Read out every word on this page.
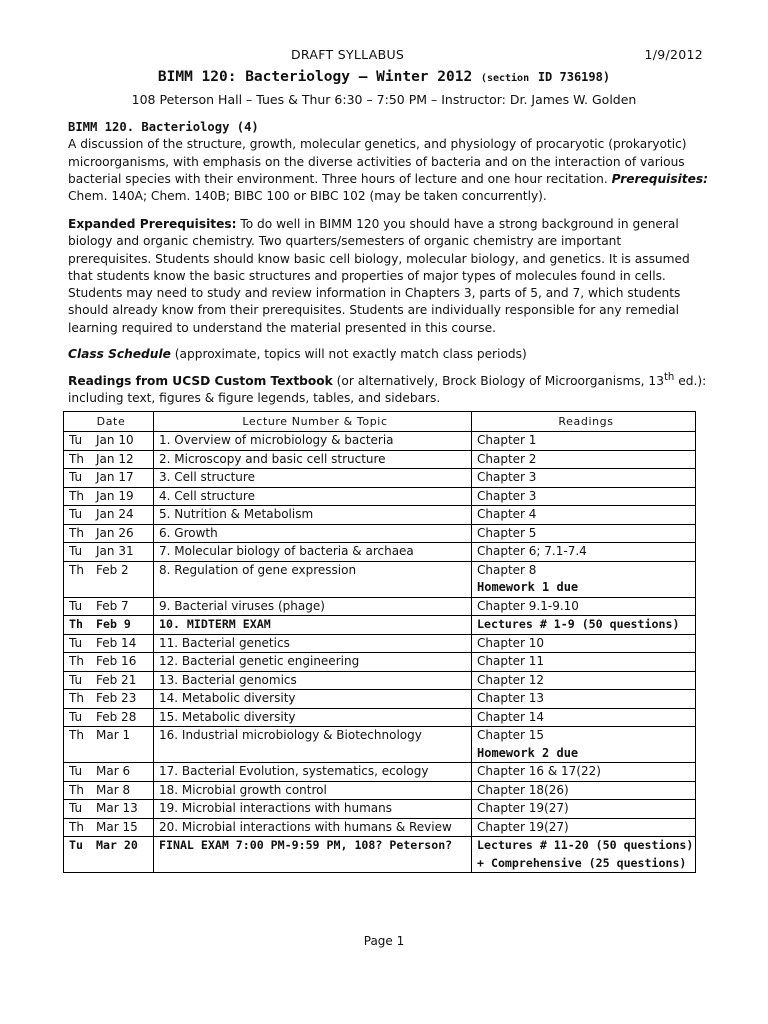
DRAFT SYLLABUS	1/9/2012
BIMM 120: Bacteriology – Winter 2012 (section ID 736198)
108 Peterson Hall – Tues & Thur 6:30 – 7:50 PM – Instructor: Dr. James W. Golden
BIMM 120. Bacteriology (4)
A discussion of the structure, growth, molecular genetics, and physiology of procaryotic (prokaryotic) microorganisms, with emphasis on the diverse activities of bacteria and on the interaction of various bacterial species with their environment. Three hours of lecture and one hour recitation. Prerequisites: Chem. 140A; Chem. 140B; BIBC 100 or BIBC 102 (may be taken concurrently).
Expanded Prerequisites: To do well in BIMM 120 you should have a strong background in general biology and organic chemistry. Two quarters/semesters of organic chemistry are important prerequisites. Students should know basic cell biology, molecular biology, and genetics. It is assumed that students know the basic structures and properties of major types of molecules found in cells. Students may need to study and review information in Chapters 3, parts of 5, and 7, which students should already know from their prerequisites. Students are individually responsible for any remedial learning required to understand the material presented in this course.
Class Schedule (approximate, topics will not exactly match class periods)
Readings from UCSD Custom Textbook (or alternatively, Brock Biology of Microorganisms, 13th ed.):
including text, figures & figure legends, tables, and sidebars.
Date		Lecture Number & Topic	Readings
Tu	Jan 10	1. Overview of microbiology & bacteria	Chapter 1
Th	Jan 12	2. Microscopy and basic cell structure	Chapter 2
Tu	Jan 17	3. Cell structure	Chapter 3
Th	Jan 19	4. Cell structure	Chapter 3
Tu	Jan 24	5. Nutrition & Metabolism	Chapter 4
Th	Jan 26	6. Growth	Chapter 5
Tu	Jan 31	7. Molecular biology of bacteria & archaea	Chapter 6; 7.1-7.4
Th	Feb 2	8. Regulation of gene expression	Chapter 8
Homework 1 due

Tu	Feb 7	9. Bacterial viruses (phage)	Chapter 9.1-9.10
Th	Feb 9	10. MIDTERM EXAM	Lectures # 1-9 (50 questions)
Tu	Feb 14	11. Bacterial genetics	Chapter 10
Th	Feb 16	12. Bacterial genetic engineering	Chapter 11
Tu	Feb 21	13. Bacterial genomics	Chapter 12
Th	Feb 23	14. Metabolic diversity	Chapter 13
Tu	Feb 28	15. Metabolic diversity	Chapter 14
Th	Mar 1	16. Industrial microbiology & Biotechnology	Chapter 15
Homework 2 due

Tu	Mar 6	17. Bacterial Evolution, systematics, ecology	Chapter 16 & 17(22)
Th	Mar 8	18. Microbial growth control	Chapter 18(26)
Tu	Mar 13	19. Microbial interactions with humans	Chapter 19(27)
Th	Mar 15	20. Microbial interactions with humans & Review	Chapter 19(27)
Tu	Mar 20	FINAL EXAM 7:00 PM-9:59 PM, 108? Peterson?	Lectures # 11-20 (50 questions)
+ Comprehensive (25 questions)
Page 1
